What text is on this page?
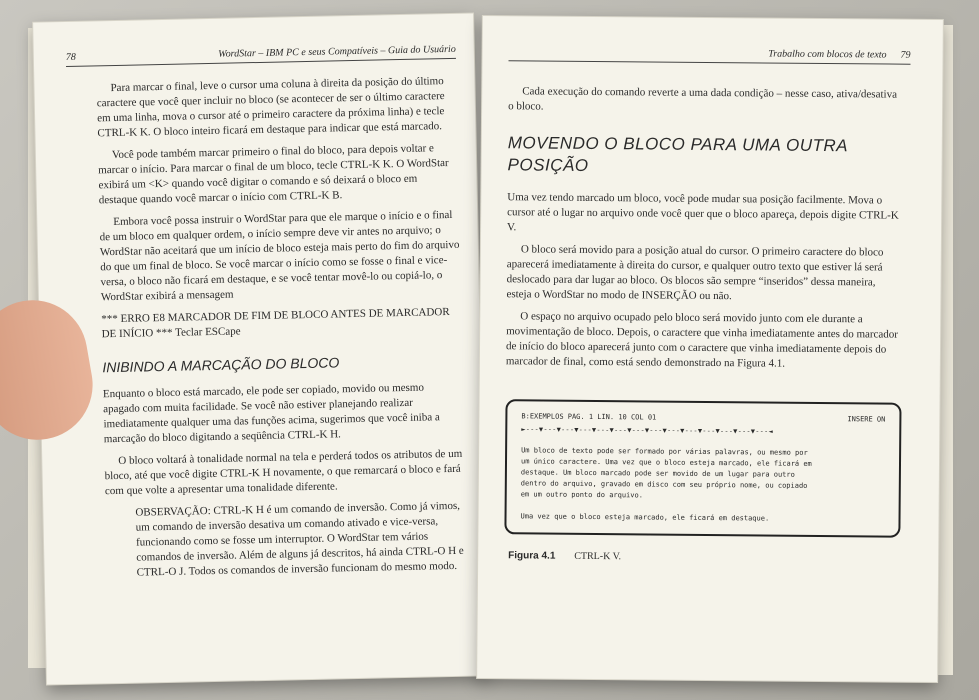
78	WordStar – IBM PC e seus Compatíveis – Guia do Usuário

Para marcar o final, leve o cursor uma coluna à direita da posição do último caractere que você quer incluir no bloco (se acontecer de ser o último caractere em uma linha, mova o cursor até o primeiro caractere da próxima linha) e tecle CTRL-K K. O bloco inteiro ficará em destaque para indicar que está marcado.

Você pode também marcar primeiro o final do bloco, para depois voltar e marcar o início. Para marcar o final de um bloco, tecle CTRL-K K. O WordStar exibirá um <K> quando você digitar o comando e só deixará o bloco em destaque quando você marcar o início com CTRL-K B.

Embora você possa instruir o WordStar para que ele marque o início e o final de um bloco em qualquer ordem, o início sempre deve vir antes no arquivo; o WordStar não aceitará que um início de bloco esteja mais perto do fim do arquivo do que um final de bloco. Se você marcar o início como se fosse o final e vice-versa, o bloco não ficará em destaque, e se você tentar movê-lo ou copiá-lo, o WordStar exibirá a mensagem

*** ERRO E8 MARCADOR DE FIM DE BLOCO ANTES DE MARCADOR DE INÍCIO *** Teclar ESCape

INIBINDO A MARCAÇÃO DO BLOCO

Enquanto o bloco está marcado, ele pode ser copiado, movido ou mesmo apagado com muita facilidade. Se você não estiver planejando realizar imediatamente qualquer uma das funções acima, sugerimos que você iniba a marcação do bloco digitando a seqüência CTRL-K H.

O bloco voltará à tonalidade normal na tela e perderá todos os atributos de um bloco, até que você digite CTRL-K H novamente, o que remarcará o bloco e fará com que volte a apresentar uma tonalidade diferente.

OBSERVAÇÃO: CTRL-K H é um comando de inversão. Como já vimos, um comando de inversão desativa um comando ativado e vice-versa, funcionando como se fosse um interruptor. O WordStar tem vários comandos de inversão. Além de alguns já descritos, há ainda CTRL-O H e CTRL-O J. Todos os comandos de inversão funcionam do mesmo modo.

Trabalho com blocos de texto 79

Cada execução do comando reverte a uma dada condição – nesse caso, ativa/desativa o bloco.

MOVENDO O BLOCO PARA UMA OUTRA POSIÇÃO

Uma vez tendo marcado um bloco, você pode mudar sua posição facilmente. Mova o cursor até o lugar no arquivo onde você quer que o bloco apareça, depois digite CTRL-K V.

O bloco será movido para a posição atual do cursor. O primeiro caractere do bloco aparecerá imediatamente à direita do cursor, e qualquer outro texto que estiver lá será deslocado para dar lugar ao bloco. Os blocos são sempre “inseridos” dessa maneira, esteja o WordStar no modo de INSERÇÃO ou não.

O espaço no arquivo ocupado pelo bloco será movido junto com ele durante a movimentação de bloco. Depois, o caractere que vinha imediatamente antes do marcador de início do bloco aparecerá junto com o caractere que vinha imediatamente depois do marcador de final, como está sendo demonstrado na Figura 4.1.

B:EXEMPLOS PAG. 1 LIN. 10 COL 01	INSERE ON
►---▼---▼---▼---▼---▼---▼---▼---▼---▼---▼---▼---▼---▼---◄
Um bloco de texto pode ser formado por várias palavras, ou mesmo por
um único caractere. Uma vez que o bloco esteja marcado, ele ficará em
destaque. Um bloco marcado pode ser movido de um lugar para outro
dentro do arquivo, gravado em disco com seu próprio nome, ou copiado
em um outro ponto do arquivo.
Uma vez que o bloco esteja marcado, ele ficará em destaque.
Figura 4.1 CTRL-K V.
